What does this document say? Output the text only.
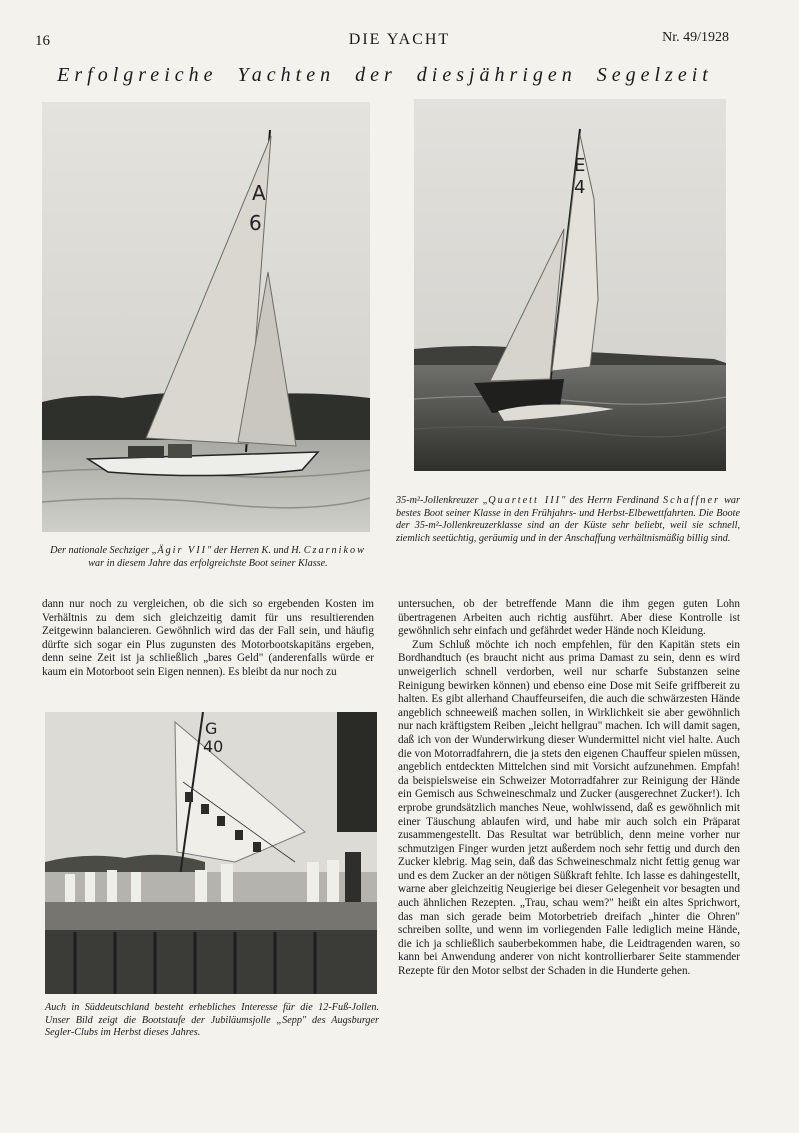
16	DIE YACHT	Nr. 49/1928
Erfolgreiche Yachten der diesjährigen Segelzeit
A
6
E
4
Der nationale Sechziger „Ägir VII" der Herren K. und H. Czarnikow war in diesem Jahre das erfolgreichste Boot seiner Klasse.
35-m²-Jollenkreuzer „Quartett III" des Herrn Ferdinand Schaffner war bestes Boot seiner Klasse in den Frühjahrs- und Herbst-Elbewettfahrten. Die Boote der 35-m²-Jollenkreuzerklasse sind an der Küste sehr beliebt, weil sie schnell, ziemlich seetüchtig, geräumig und in der Anschaffung verhältnismäßig billig sind.

dann nur noch zu vergleichen, ob die sich so ergebenden Kosten im Verhältnis zu dem sich gleichzeitig damit für uns resultierenden Zeitgewinn balancieren. Gewöhnlich wird das der Fall sein, und häufig dürfte sich sogar ein Plus zugunsten des Motorbootskapitäns ergeben, denn seine Zeit ist ja schließlich „bares Geld" (anderenfalls würde er kaum ein Motorboot sein Eigen nennen). Es bleibt da nur noch zu

untersuchen, ob der betreffende Mann die ihm gegen guten Lohn übertragenen Arbeiten auch richtig ausführt. Aber diese Kontrolle ist gewöhnlich sehr einfach und gefährdet weder Hände noch Kleidung.

Zum Schluß möchte ich noch empfehlen, für den Kapitän stets ein Bordhandtuch (es braucht nicht aus prima Damast zu sein, denn es wird unweigerlich schnell verdorben, weil nur scharfe Substanzen seine Reinigung bewirken können) und ebenso eine Dose mit Seife griffbereit zu halten. Es gibt allerhand Chauffeurseifen, die auch die schwärzesten Hände angeblich schneeweiß machen sollen, in Wirklichkeit sie aber gewöhnlich nur nach kräftigstem Reiben „leicht hellgrau" machen. Ich will damit sagen, daß ich von der Wunderwirkung dieser Wundermittel nicht viel halte. Auch die von Motorradfahrern, die ja stets den eigenen Chauffeur spielen müssen, angeblich entdeckten Mittelchen sind mit Vorsicht aufzunehmen. Empfah! da beispielsweise ein Schweizer Motorradfahrer zur Reinigung der Hände ein Gemisch aus Schweineschmalz und Zucker (ausgerechnet Zucker!). Ich erprobe grundsätzlich manches Neue, wohlwissend, daß es gewöhnlich mit einer Täuschung ablaufen wird, und habe mir auch solch ein Präparat zusammengestellt. Das Resultat war betrüblich, denn meine vorher nur schmutzigen Finger wurden jetzt außerdem noch sehr fettig und durch den Zucker klebrig. Mag sein, daß das Schweineschmalz nicht fettig genug war und es dem Zucker an der nötigen Süßkraft fehlte. Ich lasse es dahingestellt, warne aber gleichzeitig Neugierige bei dieser Gelegenheit vor besagten und auch ähnlichen Rezepten. „Trau, schau wem?" heißt ein altes Sprichwort, das man sich gerade beim Motorbetrieb dreifach „hinter die Ohren" schreiben sollte, und wenn im vorliegenden Falle lediglich meine Hände, die ich ja schließlich sauberbekommen habe, die Leidtragenden waren, so kann bei Anwendung anderer von nicht kontrollierbarer Seite stammender Rezepte für den Motor selbst der Schaden in die Hunderte gehen.

G
40
Auch in Süddeutschland besteht erhebliches Interesse für die 12-Fuß-Jollen. Unser Bild zeigt die Bootstaufe der Jubiläumsjolle „Sepp" des Augsburger Segler-Clubs im Herbst dieses Jahres.
